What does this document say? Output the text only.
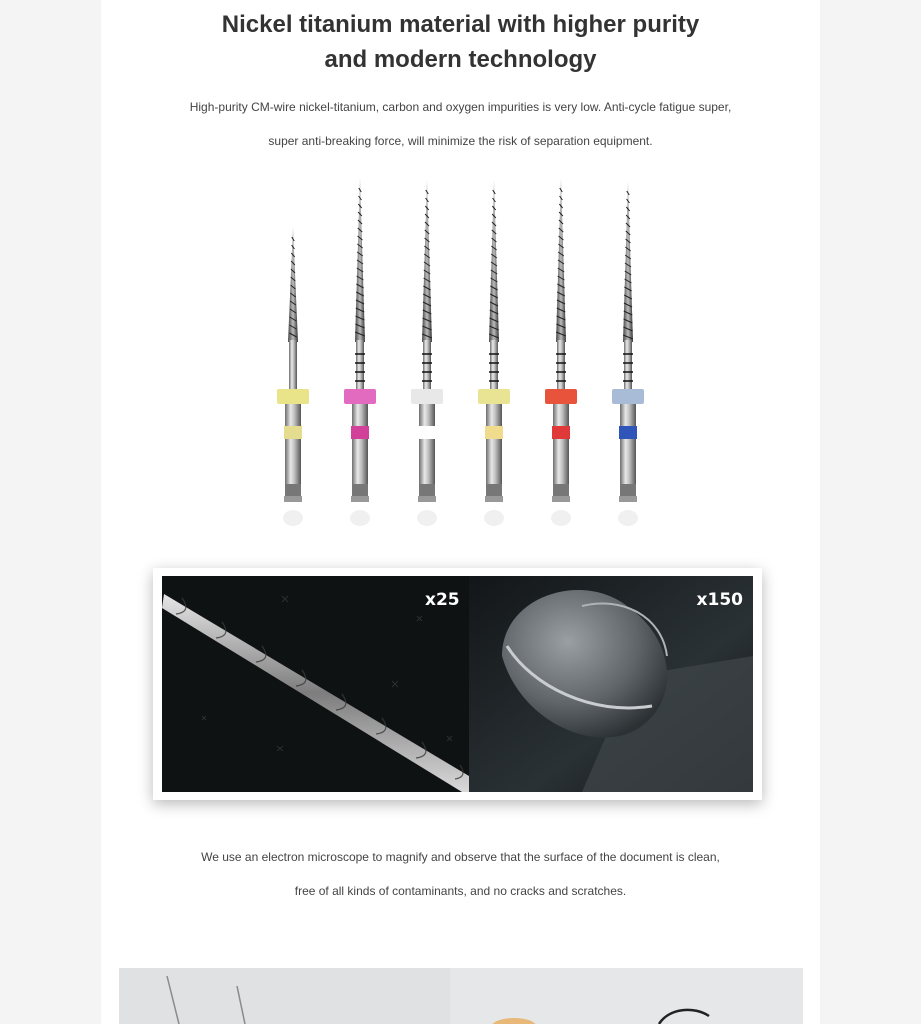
Nickel titanium material with higher purity
and modern technology
High-purity CM-wire nickel-titanium, carbon and oxygen impurities is very low. Anti-cycle fatigue super,
super anti-breaking force, will minimize the risk of separation equipment.
x25	x150
We use an electron microscope to magnify and observe that the surface of the document is clean,
free of all kinds of contaminants, and no cracks and scratches.
